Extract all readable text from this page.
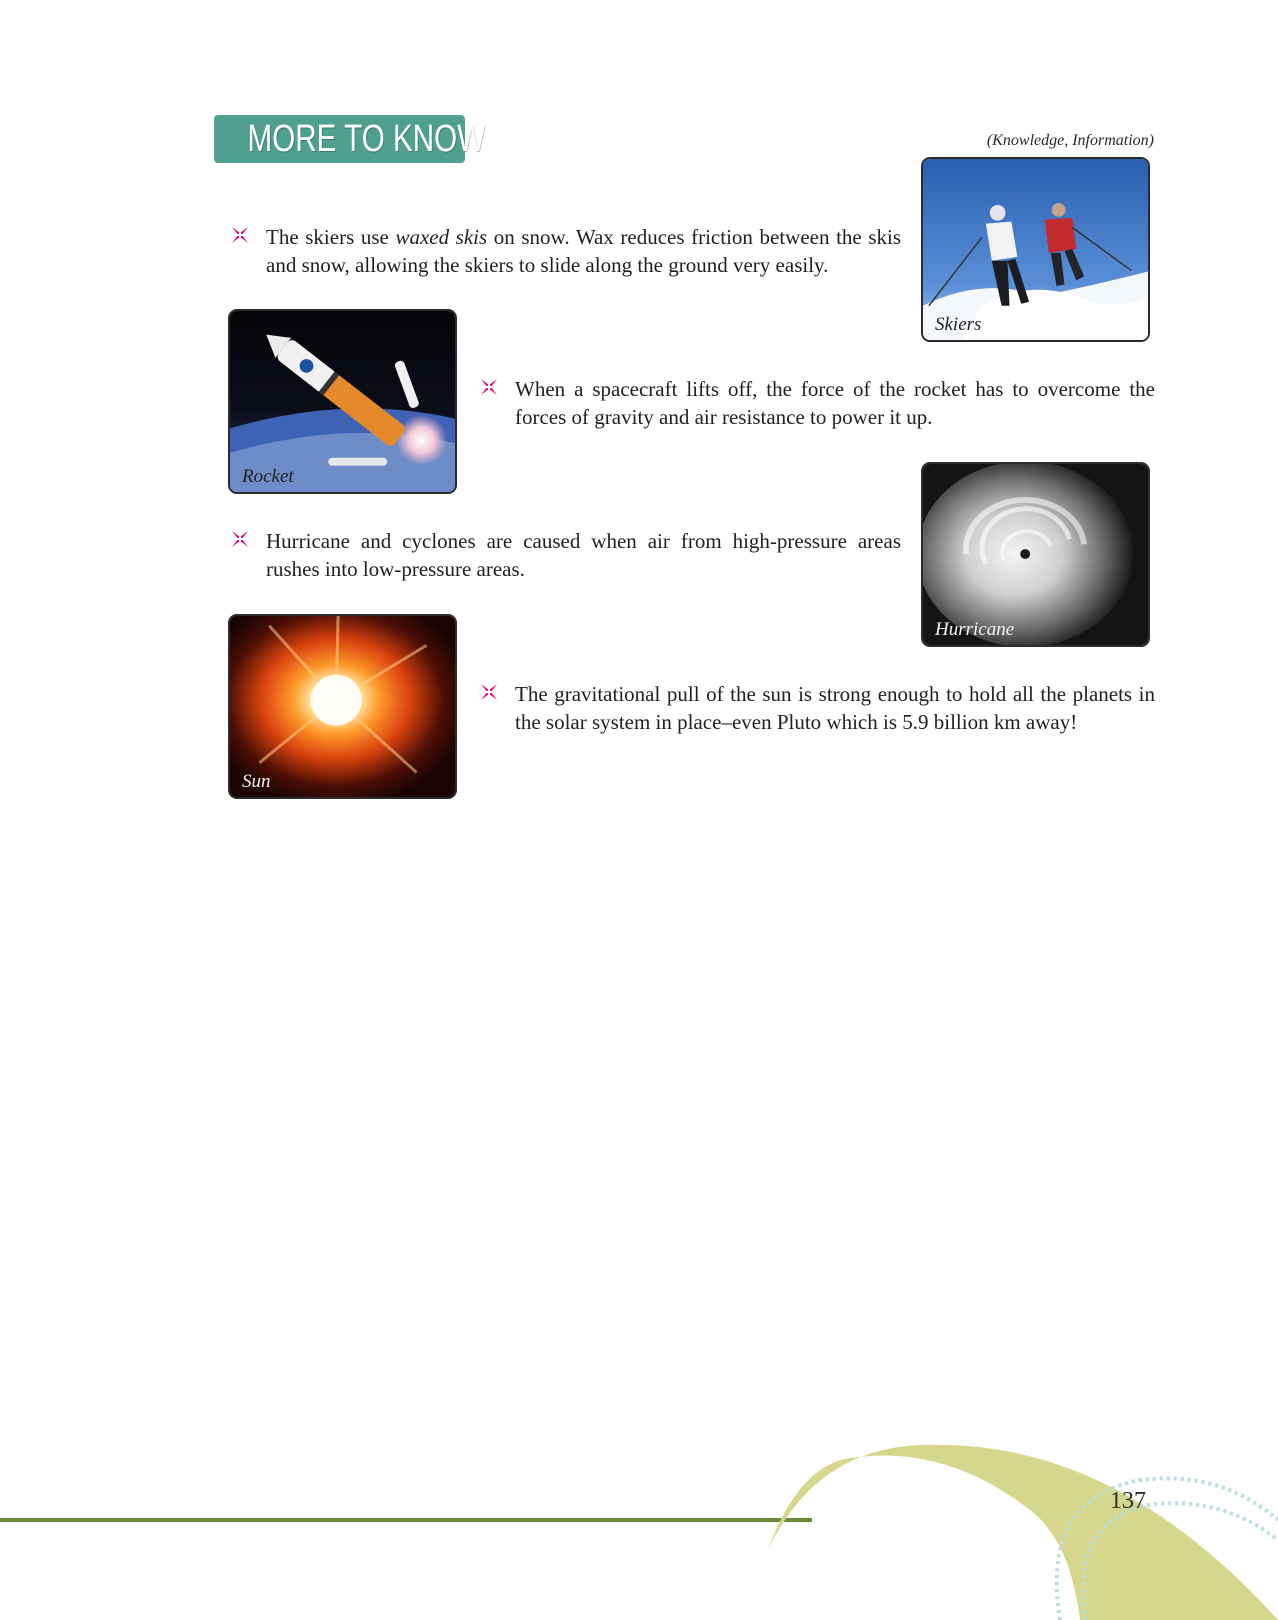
MORE TO KNOW	(Knowledge, Information)
The skiers use waxed skis on snow. Wax reduces friction between the skis and snow, allowing the skiers to slide along the ground very easily.
When a spacecraft lifts off, the force of the rocket has to overcome the forces of gravity and air resistance to power it up.
Hurricane and cyclones are caused when air from high-pressure areas rushes into low-pressure areas.
The gravitational pull of the sun is strong enough to hold all the planets in the solar system in place–even Pluto which is 5.9 billion km away!
Skiers
Rocket
Hurricane
Sun
137
